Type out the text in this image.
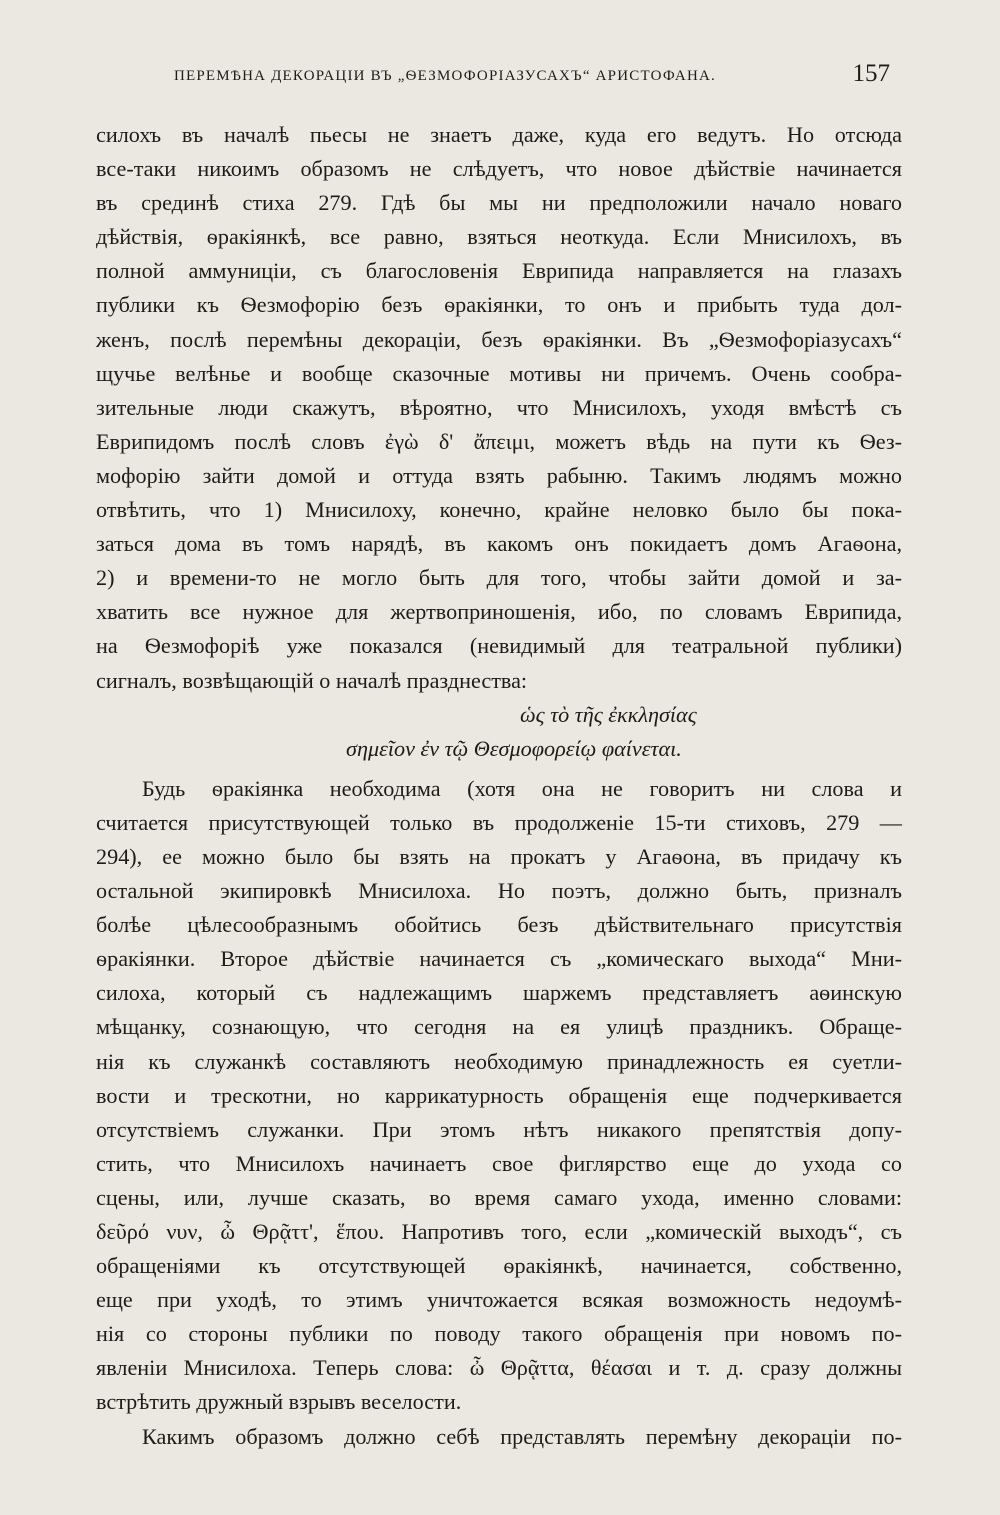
ПЕРЕМѢНА ДЕКОРАЦІИ ВЪ „ѲЕЗМОФОРІАЗУСАХЪ“ АРИСТОФАНА.	157
силохъ въ началѣ пьесы не знаетъ даже, куда его ведутъ. Но отсюда
все-таки никоимъ образомъ не слѣдуетъ, что новое дѣйствіе начинается
въ срединѣ стиха 279. Гдѣ бы мы ни предположили начало новаго
дѣйствія, ѳракіянкѣ, все равно, взяться неоткуда. Если Мнисилохъ, въ
полной аммуниціи, съ благословенія Еврипида направляется на глазахъ
публики къ Ѳезмофорію безъ ѳракіянки, то онъ и прибыть туда дол-
женъ, послѣ перемѣны декораціи, безъ ѳракіянки. Въ „Ѳезмофоріазусахъ“
щучье велѣнье и вообще сказочные мотивы ни причемъ. Очень сообра-
зительные люди скажутъ, вѣроятно, что Мнисилохъ, уходя вмѣстѣ съ
Еврипидомъ послѣ словъ ἐγὼ δ' ἄπειμι, можетъ вѣдь на пути къ Ѳез-
мофорію зайти домой и оттуда взять рабыню. Такимъ людямъ можно
отвѣтить, что 1) Мнисилоху, конечно, крайне неловко было бы пока-
заться дома въ томъ нарядѣ, въ какомъ онъ покидаетъ домъ Агаѳона,
2) и времени-то не могло быть для того, чтобы зайти домой и за-
хватить все нужное для жертвоприношенія, ибо, по словамъ Еврипида,
на Ѳезмофоріѣ уже показался (невидимый для театральной публики)
сигналъ, возвѣщающій о началѣ празднества:
ὡς τὸ τῆς ἐκκλησίας
σημεῖον ἐν τῷ Θεσμοφορείῳ φαίνεται.
Будь ѳракіянка необходима (хотя она не говоритъ ни слова и
считается присутствующей только въ продолженіе 15-ти стиховъ, 279 —
294), ее можно было бы взять на прокатъ у Агаѳона, въ придачу къ
остальной экипировкѣ Мнисилоха. Но поэтъ, должно быть, призналъ
болѣе цѣлесообразнымъ обойтись безъ дѣйствительнаго присутствія
ѳракіянки. Второе дѣйствіе начинается съ „комическаго выхода“ Мни-
силоха, который съ надлежащимъ шаржемъ представляетъ аѳинскую
мѣщанку, сознающую, что сегодня на ея улицѣ праздникъ. Обраще-
нія къ служанкѣ составляютъ необходимую принадлежность ея суетли-
вости и трескотни, но каррикатурность обращенія еще подчеркивается
отсутствіемъ служанки. При этомъ нѣтъ никакого препятствія допу-
стить, что Мнисилохъ начинаетъ свое фиглярство еще до ухода со
сцены, или, лучше сказать, во время самаго ухода, именно словами:
δεῦρό νυν, ὦ Θρᾷττ', ἕπου. Напротивъ того, если „комическій выходъ“, съ
обращеніями къ отсутствующей ѳракіянкѣ, начинается, собственно,
еще при уходѣ, то этимъ уничтожается всякая возможность недоумѣ-
нія со стороны публики по поводу такого обращенія при новомъ по-
явленіи Мнисилоха. Теперь слова: ὦ Θρᾷττα, θέασαι и т. д. сразу должны
встрѣтить дружный взрывъ веселости.
Какимъ образомъ должно себѣ представлять перемѣну декораціи по-
